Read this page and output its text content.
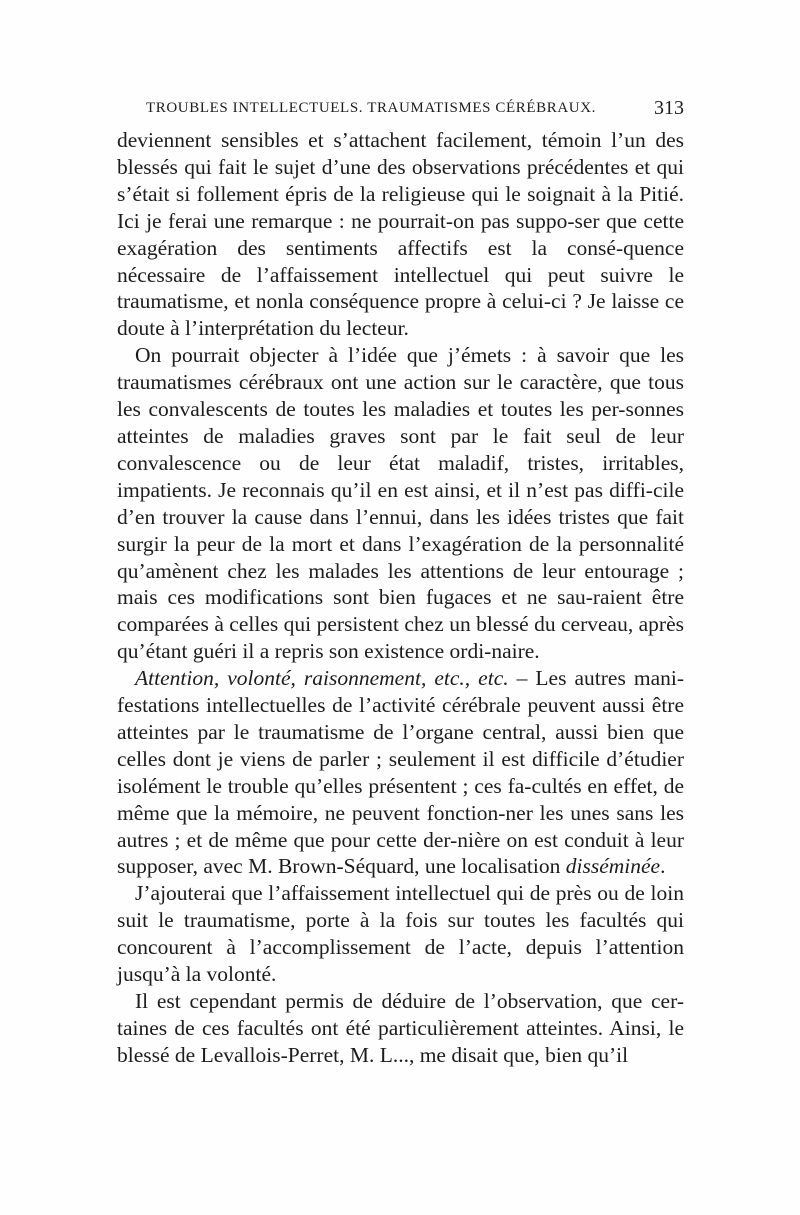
TROUBLES INTELLECTUELS. TRAUMATISMES CÉRÉBRAUX.	313

deviennent sensibles et s’attachent facilement, témoin l’un des blessés qui fait le sujet d’une des observations précédentes et qui s’était si follement épris de la religieuse qui le soignait à la Pitié. Ici je ferai une remarque : ne pourrait-on pas suppo-ser que cette exagération des sentiments affectifs est la consé-quence nécessaire de l’affaissement intellectuel qui peut suivre le traumatisme, et nonla conséquence propre à celui-ci ? Je laisse ce doute à l’interprétation du lecteur.

On pourrait objecter à l’idée que j’émets : à savoir que les traumatismes cérébraux ont une action sur le caractère, que tous les convalescents de toutes les maladies et toutes les per-sonnes atteintes de maladies graves sont par le fait seul de leur convalescence ou de leur état maladif, tristes, irritables, impatients. Je reconnais qu’il en est ainsi, et il n’est pas diffi-cile d’en trouver la cause dans l’ennui, dans les idées tristes que fait surgir la peur de la mort et dans l’exagération de la personnalité qu’amènent chez les malades les attentions de leur entourage ; mais ces modifications sont bien fugaces et ne sau-raient être comparées à celles qui persistent chez un blessé du cerveau, après qu’étant guéri il a repris son existence ordi-naire.

Attention, volonté, raisonnement, etc., etc. – Les autres mani-festations intellectuelles de l’activité cérébrale peuvent aussi être atteintes par le traumatisme de l’organe central, aussi bien que celles dont je viens de parler ; seulement il est difficile d’étudier isolément le trouble qu’elles présentent ; ces fa-cultés en effet, de même que la mémoire, ne peuvent fonction-ner les unes sans les autres ; et de même que pour cette der-nière on est conduit à leur supposer, avec M. Brown-Séquard, une localisation disséminée.

J’ajouterai que l’affaissement intellectuel qui de près ou de loin suit le traumatisme, porte à la fois sur toutes les facultés qui concourent à l’accomplissement de l’acte, depuis l’attention jusqu’à la volonté.

Il est cependant permis de déduire de l’observation, que cer-taines de ces facultés ont été particulièrement atteintes. Ainsi, le blessé de Levallois-Perret, M. L..., me disait que, bien qu’il
